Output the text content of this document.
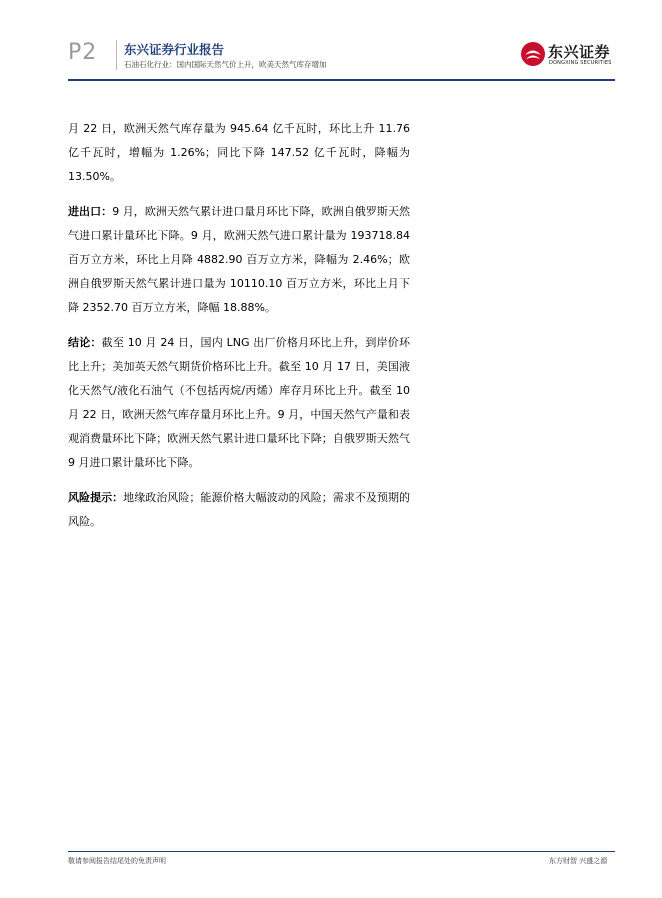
P2 东兴证券行业报告
石油石化行业：国内国际天然气价上升，欧美天然气库存增加
东兴证券
DONGXING SECURITIES

月 22 日，欧洲天然气库存量为 945.64 亿千瓦时，环比上升 11.76 亿千瓦时，增幅为 1.26%；同比下降 147.52 亿千瓦时，降幅为 13.50%。

进出口：9 月，欧洲天然气累计进口量月环比下降，欧洲自俄罗斯天然气进口累计量环比下降。9 月，欧洲天然气进口累计量为 193718.84 百万立方米，环比上月降 4882.90 百万立方米，降幅为 2.46%；欧洲自俄罗斯天然气累计进口量为 10110.10 百万立方米，环比上月下降 2352.70 百万立方米，降幅 18.88%。

结论：截至 10 月 24 日，国内 LNG 出厂价格月环比上升，到岸价环比上升；美加英天然气期货价格环比上升。截至 10 月 17 日，美国液化天然气/液化石油气（不包括丙烷/丙烯）库存月环比上升。截至 10 月 22 日，欧洲天然气库存量月环比上升。9 月，中国天然气产量和表观消费量环比下降；欧洲天然气累计进口量环比下降；自俄罗斯天然气 9 月进口累计量环比下降。

风险提示：地缘政治风险；能源价格大幅波动的风险；需求不及预期的风险。

敬请参阅报告结尾处的免责声明	东方财智 兴盛之源
